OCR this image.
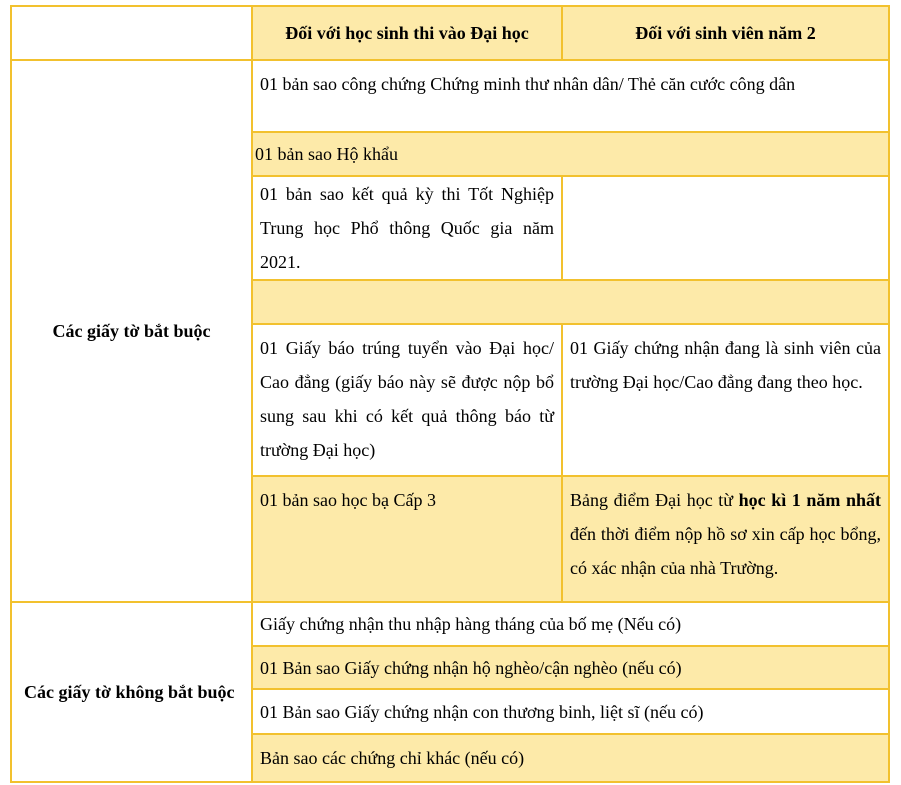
	Đối với học sinh thi vào Đại học	Đối với sinh viên năm 2
Các giấy tờ bắt buộc	01 bản sao công chứng Chứng minh thư nhân dân/ Thẻ căn cước công dân	
	01 bản sao Hộ khẩu	
	01 bản sao kết quả kỳ thi Tốt Nghiệp Trung học Phổ thông Quốc gia năm 2021.	

	01 Giấy báo trúng tuyển vào Đại học/ Cao đẳng (giấy báo này sẽ được nộp bổ sung sau khi có kết quả thông báo từ trường Đại học)	01 Giấy chứng nhận đang là sinh viên của trường Đại học/Cao đẳng đang theo học.
	01 bản sao học bạ Cấp 3	Bảng điểm Đại học từ học kì 1 năm nhất đến thời điểm nộp hồ sơ xin cấp học bổng, có xác nhận của nhà Trường.
Các giấy tờ không bắt buộc	Giấy chứng nhận thu nhập hàng tháng của bố mẹ (Nếu có)	
	01 Bản sao Giấy chứng nhận hộ nghèo/cận nghèo (nếu có)	
	01 Bản sao Giấy chứng nhận con thương binh, liệt sĩ (nếu có)	
	Bản sao các chứng chỉ khác (nếu có)	
